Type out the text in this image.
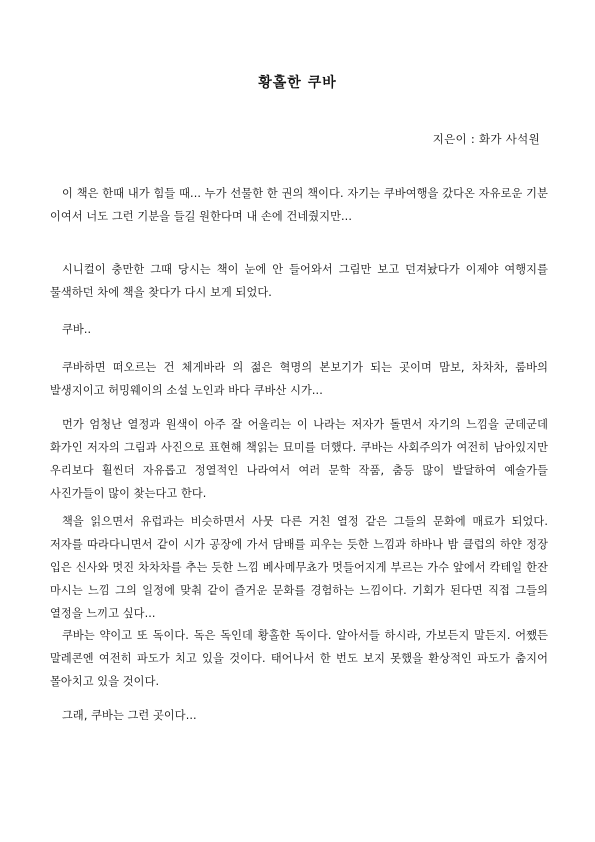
황홀한 쿠바
지은이 : 화가 사석원

이 책은 한때 내가 힘들 때... 누가 선물한 한 권의 책이다. 자기는 쿠바여행을 갔다온 자유로운 기분 이여서 너도 그런 기분을 들길 원한다며 내 손에 건네줬지만...

시니컬이 충만한 그때 당시는 책이 눈에 안 들어와서 그림만 보고 던져놨다가 이제야 여행지를 물색하던 차에 책을 찾다가 다시 보게 되었다.

쿠바..

쿠바하면 떠오르는 건 체게바라 의 젊은 혁명의 본보기가 되는 곳이며 맘보, 차차차, 룸바의 발생지이고 허밍웨이의 소설 노인과 바다 쿠바산 시가...

먼가 엄청난 열정과 원색이 아주 잘 어울리는 이 나라는 저자가 돌면서 자기의 느낌을 군데군데 화가인 저자의 그림과 사진으로 표현해 책읽는 묘미를 더했다. 쿠바는 사회주의가 여전히 남아있지만 우리보다 훨씬더 자유롭고 정열적인 나라여서 여러 문학 작품, 춤등 많이 발달하여 예술가들 사진가들이 많이 찾는다고 한다.

책을 읽으면서 유럽과는 비슷하면서 사뭇 다른 거친 열정 같은 그들의 문화에 매료가 되었다. 저자를 따라다니면서 같이 시가 공장에 가서 담배를 피우는 듯한 느낌과 하바나 밤 클럽의 하얀 정장 입은 신사와 멋진 차차차를 추는 듯한 느낌 베사메무쵸가 멋들어지게 부르는 가수 앞에서 칵테일 한잔 마시는 느낌 그의 일정에 맞춰 같이 즐거운 문화를 경험하는 느낌이다. 기회가 된다면 직접 그들의 열정을 느끼고 싶다...

쿠바는 약이고 또 독이다. 독은 독인데 황홀한 독이다. 알아서들 하시라, 가보든지 말든지. 어쨌든 말레콘엔 여전히 파도가 치고 있을 것이다. 태어나서 한 번도 보지 못했을 환상적인 파도가 춤지어 몰아치고 있을 것이다.

그래, 쿠바는 그런 곳이다...
